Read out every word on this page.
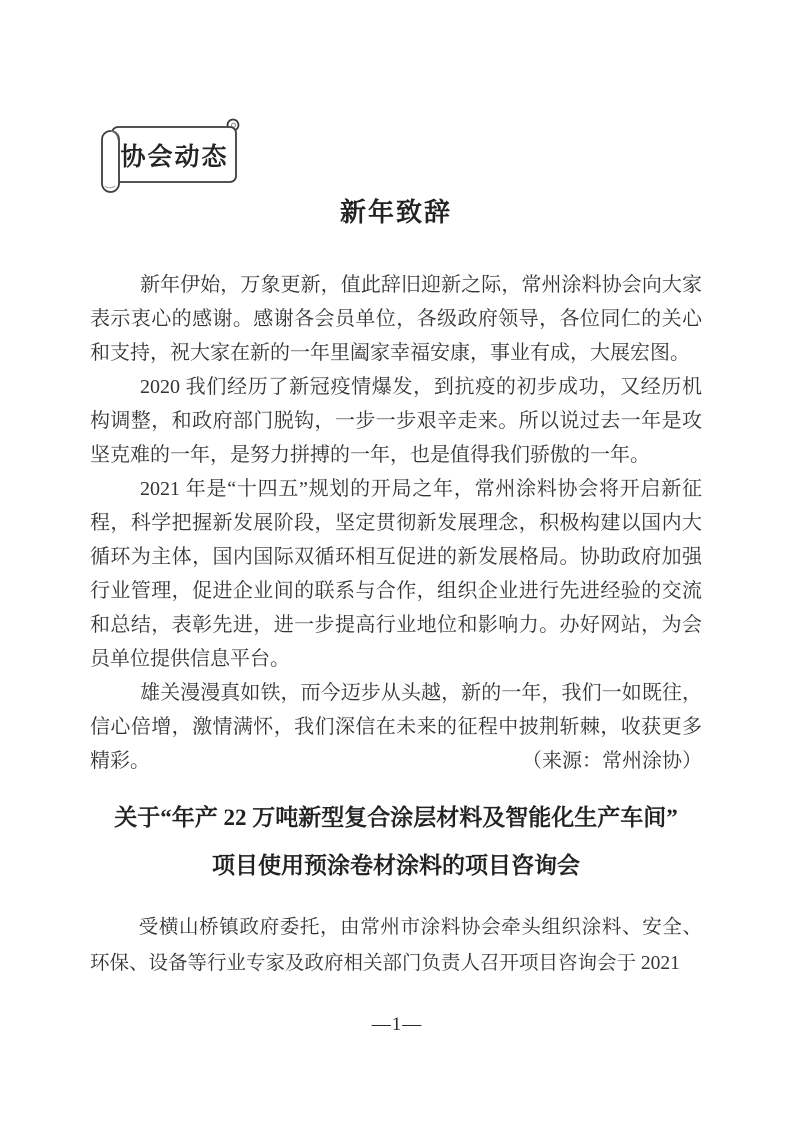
协会动态
新年致辞

新年伊始，万象更新，值此辞旧迎新之际，常州涂料协会向大家表示衷心的感谢。感谢各会员单位，各级政府领导，各位同仁的关心和支持，祝大家在新的一年里阖家幸福安康，事业有成，大展宏图。

2020 我们经历了新冠疫情爆发，到抗疫的初步成功，又经历机构调整，和政府部门脱钩，一步一步艰辛走来。所以说过去一年是攻坚克难的一年，是努力拼搏的一年，也是值得我们骄傲的一年。

2021 年是“十四五”规划的开局之年，常州涂料协会将开启新征程，科学把握新发展阶段，坚定贯彻新发展理念，积极构建以国内大循环为主体，国内国际双循环相互促进的新发展格局。协助政府加强行业管理，促进企业间的联系与合作，组织企业进行先进经验的交流和总结，表彰先进，进一步提高行业地位和影响力。办好网站，为会员单位提供信息平台。

雄关漫漫真如铁，而今迈步从头越，新的一年，我们一如既往，信心倍增，激情满怀，我们深信在未来的征程中披荆斩棘，收获更多精彩。	（来源：常州涂协）

关于“年产 22 万吨新型复合涂层材料及智能化生产车间”
项目使用预涂卷材涂料的项目咨询会

受横山桥镇政府委托，由常州市涂料协会牵头组织涂料、安全、环保、设备等行业专家及政府相关部门负责人召开项目咨询会于 2021

—1—
